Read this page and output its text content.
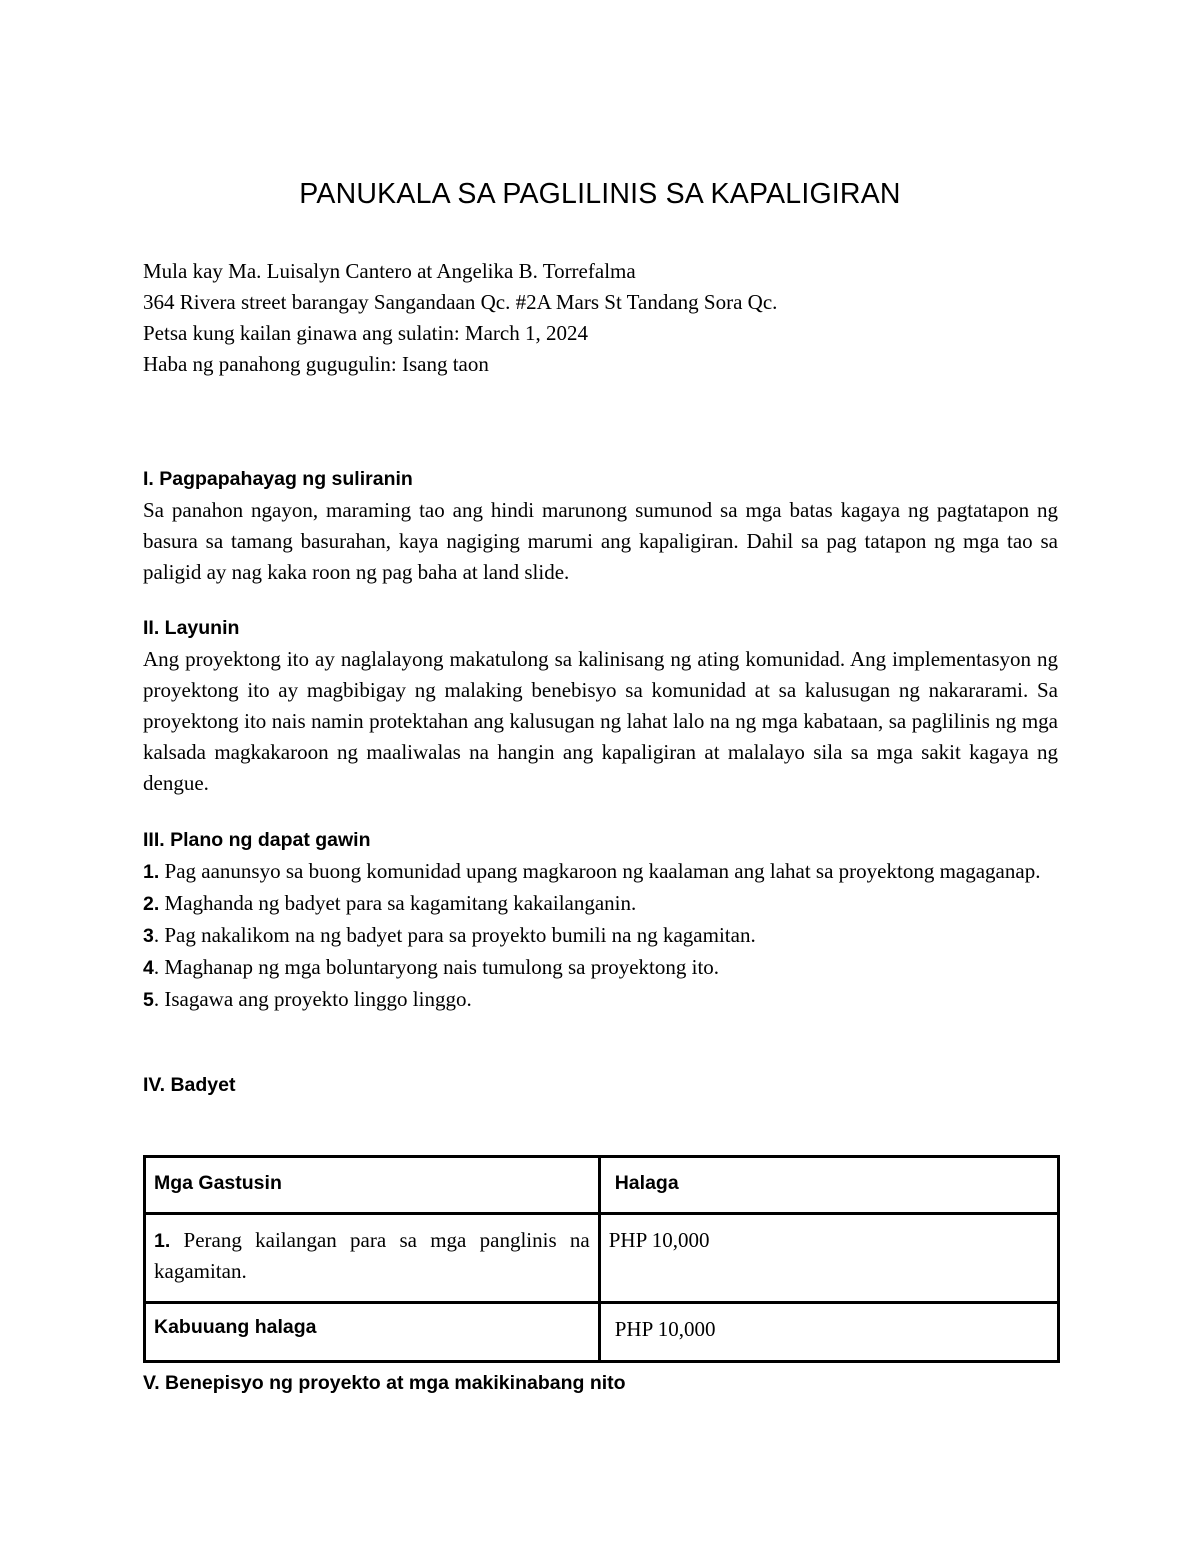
PANUKALA SA PAGLILINIS SA KAPALIGIRAN
Mula kay Ma. Luisalyn Cantero at Angelika B. Torrefalma
364 Rivera street barangay Sangandaan Qc. #2A Mars St Tandang Sora Qc.
Petsa kung kailan ginawa ang sulatin: March 1, 2024
Haba ng panahong gugugulin: Isang taon
I. Pagpapahayag ng suliranin
Sa panahon ngayon, maraming tao ang hindi marunong sumunod sa mga batas kagaya ng pagtatapon ng basura sa tamang basurahan, kaya nagiging marumi ang kapaligiran. Dahil sa pag tatapon ng mga tao sa paligid ay nag kaka roon ng pag baha at land slide.
II. Layunin
Ang proyektong ito ay naglalayong makatulong sa kalinisang ng ating komunidad. Ang implementasyon ng proyektong ito ay magbibigay ng malaking benebisyo sa komunidad at sa kalusugan ng nakararami. Sa proyektong ito nais namin protektahan ang kalusugan ng lahat lalo na ng mga kabataan, sa paglilinis ng mga kalsada magkakaroon ng maaliwalas na hangin ang kapaligiran at malalayo sila sa mga sakit kagaya ng dengue.
III. Plano ng dapat gawin
1. Pag aanunsyo sa buong komunidad upang magkaroon ng kaalaman ang lahat sa proyektong magaganap.
2. Maghanda ng badyet para sa kagamitang kakailanganin.
3. Pag nakalikom na ng badyet para sa proyekto bumili na ng kagamitan.
4. Maghanap ng mga boluntaryong nais tumulong sa proyektong ito.
5. Isagawa ang proyekto linggo linggo.
IV. Badyet
Mga Gastusin	Halaga
1. Perang kailangan para sa mga panglinis na kagamitan.	PHP 10,000
Kabuuang halaga	PHP 10,000
V. Benepisyo ng proyekto at mga makikinabang nito
